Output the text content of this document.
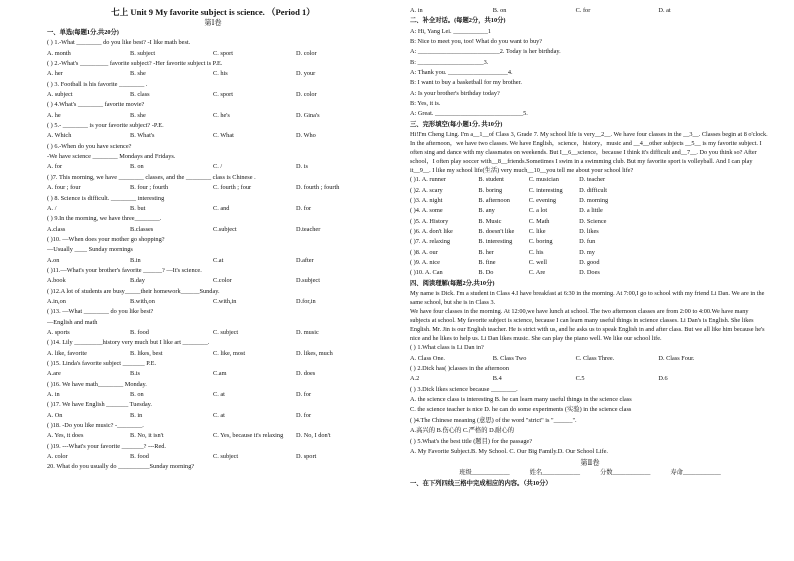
七上 Unit 9 My favorite subject is science. （Period 1）
第Ⅰ卷
一、单选(每题1分,共20分)
( ) 1.-What ________ do you like best? -I like math best.
A. month	B. subject	C. sport	D. color
( ) 2.-What's _________ favorite subject? -Her favorite subject is P.E.
A. her	B. she	C. his	D. your
( ) 3. Football is his favorite ________ .
A. subject	B. class	C. sport	D. color
( ) 4.What's ________ favorite movie?
A. he	B. she	C. he's	D. Gina's
( ) 5.- ________ is your favorite subject? -P.E.
A. Which	B. What's	C. What	D. Who
( ) 6.-When do you have science?
-We have science ________ Mondays and Fridays.
A. for	B. on	C. /	D. is
( )7. This morning, we have ________ classes, and the ________ class is Chinese .
A. four ; four	B. four ; fourth	C. fourth ; four	D. fourth ; fourth
( ) 8. Science is difficult. ________ interesting
A. /	B. but	C. and	D. for
( ) 9.In the morning, we have three________.
A.class	B.classes	C.subject	D.teacher
( )10. —When does your mother go shopping?
—Usually ____ Sunday mornings
A.on	B.in	C.at	D.after
( )11.—What's your brother's favorite ______? —It's science.
A.book	B.day	C.color	D.subject
( )12.A lot of students are busy_____their homework______Sunday.
A.in,on	B.with,on	C.with,in	D.for,in
( )13. —What ________ do you like best?
—English and math
A. sports	B. food	C. subject	D. music
( )14. Lily _________history very much but I like art ________.
A. like, favorite	B. likes, best	C. like, most	D. likes, much
( )15. Linda's favorite subject _______ P.E.
A.are	B.is	C.am	D. does
( )16. We have math________ Monday.
A. in	B. on	C. at	D. for
( )17. We have English _______ Tuesday.
A. On	B. in	C. at	D. for
( )18. -Do you like music? -________.
A. Yes, it does	B. No, it isn't	C. Yes, because it's relaxing	D. No, I don't
( )19. ---What's your favorite _______? ---Red.
A. color	B. food	C. subject	D. sport
20. What do you usually do __________Sunday morning?
A. in	B. on	C. for	D. at
二、补全对话。(每题2分，共10分)
A: Hi, Yang Lei. ___________1
B: Nice to meet you, too! What do you want to buy?
A: __________________________2. Today is her birthday.
B: _____________________3.
A: Thank you. ___________________4.
B: I want to buy a basketball for my brother.
A: Is your brother's birthday today?
B: Yes, it is.
A: Great. ____________________________5.
三、完形填空(每小题1分, 共10分)
Hi!I'm Cheng Ling. I'm a__1__of Class 3, Grade 7. My school life is very__2__. We have four classes in the __3__. Classes begin at 8 o'clock. In the afternoon，we have two classes. We have English，science，history，music and __4__other subjects __5__ is my favorite subject. I often sing and dance with my classmates on weekends. But I__6__science，because I think it's difficult and__7__. Do you think so? After school，I often play soccer with__8__friends.Sometimes I swim in a swimming club. But my favorite sport is volleyball. And I can play it__9__. I like my school life(生活) very much__10__you tell me about your school life?
( )1. A. runner	B. student	C. musician	D. teacher
( )2. A. scary	B. boring	C. interesting	D. difficult
( )3. A. night	B. afternoon	C. evening	D. morning
( )4. A. some	B. any	C. a lot	D. a little
( )5. A. History	B. Music	C. Math	D. Science
( )6. A. don't like	B. doesn't like	C. like	D. likes
( )7. A. relaxing	B. interesting	C. boring	D. fun
( )8. A. our	B. her	C. his	D. my
( )9. A. nice	B. fine	C. well	D. good
( )10. A. Can	B. Do	C. Are	D. Does
四、阅读理解(每题2分,共10分)
My name is Dick. I'm a student in Class 4.I have breakfast at 6:30 in the morning. At 7:00,I go to school with my friend Li Dan. We are in the same school, but she is in Class 3.
We have four classes in the morning. At 12:00,we have lunch at school. The two afternoon classes are from 2:00 to 4:00.We have many subjects at school. My favorite subject is science, because I can learn many useful things in science classes. Li Dan's is English. She likes English. Mr. Jin is our English teacher. He is strict with us, and he asks us to speak English in and after class. But we all like him because he's nice and he likes to help us. Li Dan likes music. She can play the piano well. We like our school life.
( ) 1.What class is Li Dan in?
A. Class One.	B. Class Two	C. Class Three.	D. Class Four.
( ) 2.Dick has( )classes in the afternoon
A.2	B.4	C.5	D.6
( ) 3.Dick likes science because ________.
A. the science class is interesting B. he can learn many useful things in the science class
C. the science teacher is nice D. he can do some experiments (实验) in the science class
( )4.The Chinese meaning (意思) of the word "strict" is "______".
A.高兴的 B.伤心的 C.严格的 D.耐心的
( ) 5.What's the best title (题目) for the passage?
A. My Favorite Subject.B. My School. C. Our Big Family.D. Our School Life.
第Ⅱ卷
班级____________	姓名____________	分数____________	寿命____________
一、在下列四线三格中完成相应的内容。（共10分）
